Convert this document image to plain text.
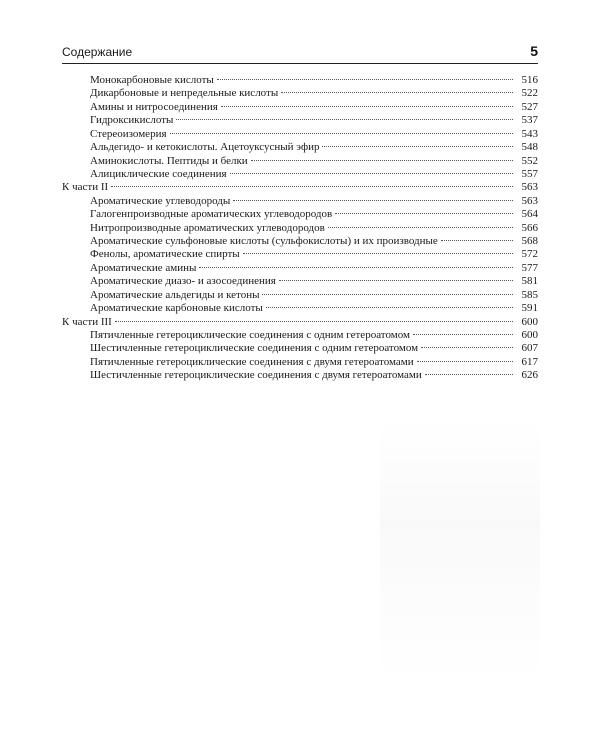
Содержание	5
Монокарбоновые кислоты	516
Дикарбоновые и непредельные кислоты	522
Амины и нитросоединения	527
Гидроксикислоты	537
Стереоизомерия	543
Альдегидо- и кетокислоты. Ацетоуксусный эфир	548
Аминокислоты. Пептиды и белки	552
Алициклические соединения	557
К части II	563
Ароматические углеводороды	563
Галогенпроизводные ароматических углеводородов	564
Нитропроизводные ароматических углеводородов	566
Ароматические сульфоновые кислоты (сульфокислоты) и их производные	568
Фенолы, ароматические спирты	572
Ароматические амины	577
Ароматические диазо- и азосоединения	581
Ароматические альдегиды и кетоны	585
Ароматические карбоновые кислоты	591
К части III	600
Пятичленные гетероциклические соединения с одним гетероатомом	600
Шестичленные гетероциклические соединения с одним гетероатомом	607
Пятичленные гетероциклические соединения с двумя гетероатомами	617
Шестичленные гетероциклические соединения с двумя гетероатомами	626
